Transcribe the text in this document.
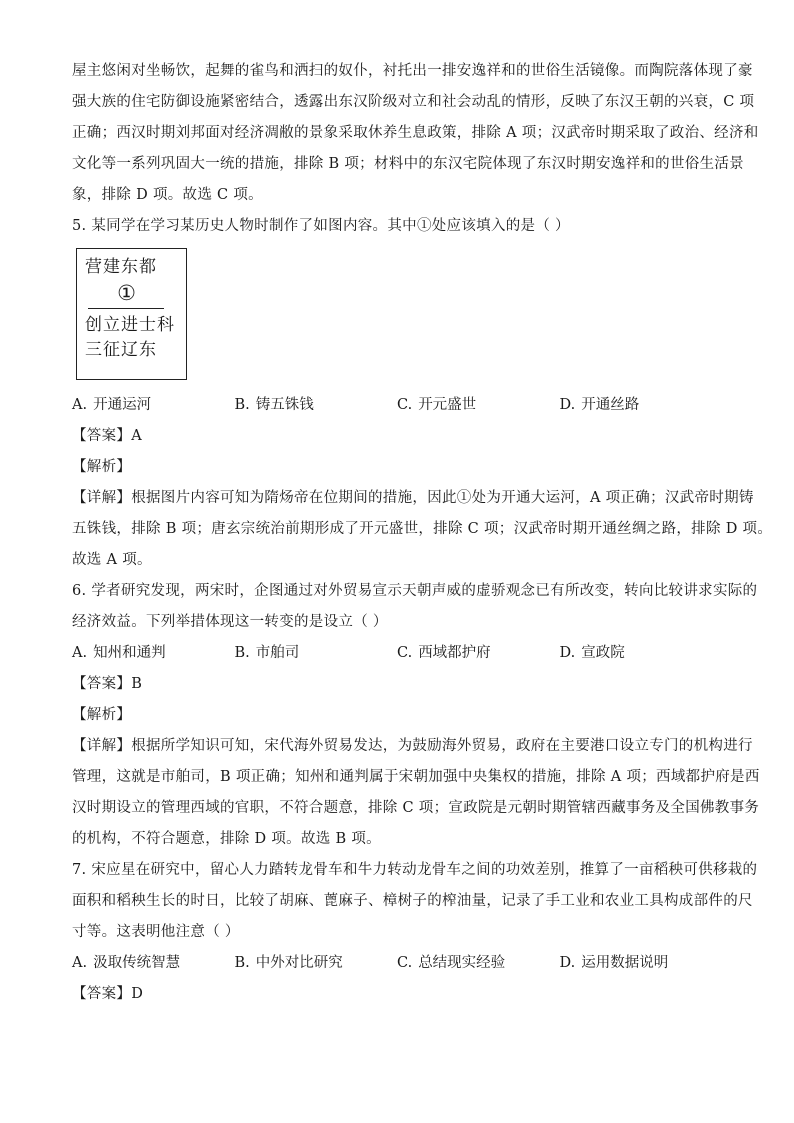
屋主悠闲对坐畅饮，起舞的雀鸟和洒扫的奴仆，衬托出一排安逸祥和的世俗生活镜像。而陶院落体现了豪
强大族的住宅防御设施紧密结合，透露出东汉阶级对立和社会动乱的情形，反映了东汉王朝的兴衰，C 项
正确；西汉时期刘邦面对经济凋敝的景象采取休养生息政策，排除 A 项；汉武帝时期采取了政治、经济和
文化等一系列巩固大一统的措施，排除 B 项；材料中的东汉宅院体现了东汉时期安逸祥和的世俗生活景
象，排除 D 项。故选 C 项。
5. 某同学在学习某历史人物时制作了如图内容。其中①处应该填入的是（ ）
营建东都
①
创立进士科
三征辽东
A. 开通运河	B. 铸五铢钱	C. 开元盛世	D. 开通丝路
【答案】A
【解析】
【详解】根据图片内容可知为隋炀帝在位期间的措施，因此①处为开通大运河，A 项正确；汉武帝时期铸
五铢钱，排除 B 项；唐玄宗统治前期形成了开元盛世，排除 C 项；汉武帝时期开通丝绸之路，排除 D 项。
故选 A 项。
6. 学者研究发现，两宋时，企图通过对外贸易宣示天朝声威的虚骄观念已有所改变，转向比较讲求实际的
经济效益。下列举措体现这一转变的是设立（ ）
A. 知州和通判	B. 市舶司	C. 西域都护府	D. 宣政院
【答案】B
【解析】
【详解】根据所学知识可知，宋代海外贸易发达，为鼓励海外贸易，政府在主要港口设立专门的机构进行
管理，这就是市舶司，B 项正确；知州和通判属于宋朝加强中央集权的措施，排除 A 项；西域都护府是西
汉时期设立的管理西域的官职，不符合题意，排除 C 项；宣政院是元朝时期管辖西藏事务及全国佛教事务
的机构，不符合题意，排除 D 项。故选 B 项。
7. 宋应星在研究中，留心人力踏转龙骨车和牛力转动龙骨车之间的功效差别，推算了一亩稻秧可供移栽的
面积和稻秧生长的时日，比较了胡麻、蓖麻子、樟树子的榨油量，记录了手工业和农业工具构成部件的尺
寸等。这表明他注意（ ）
A. 汲取传统智慧	B. 中外对比研究	C. 总结现实经验	D. 运用数据说明
【答案】D
